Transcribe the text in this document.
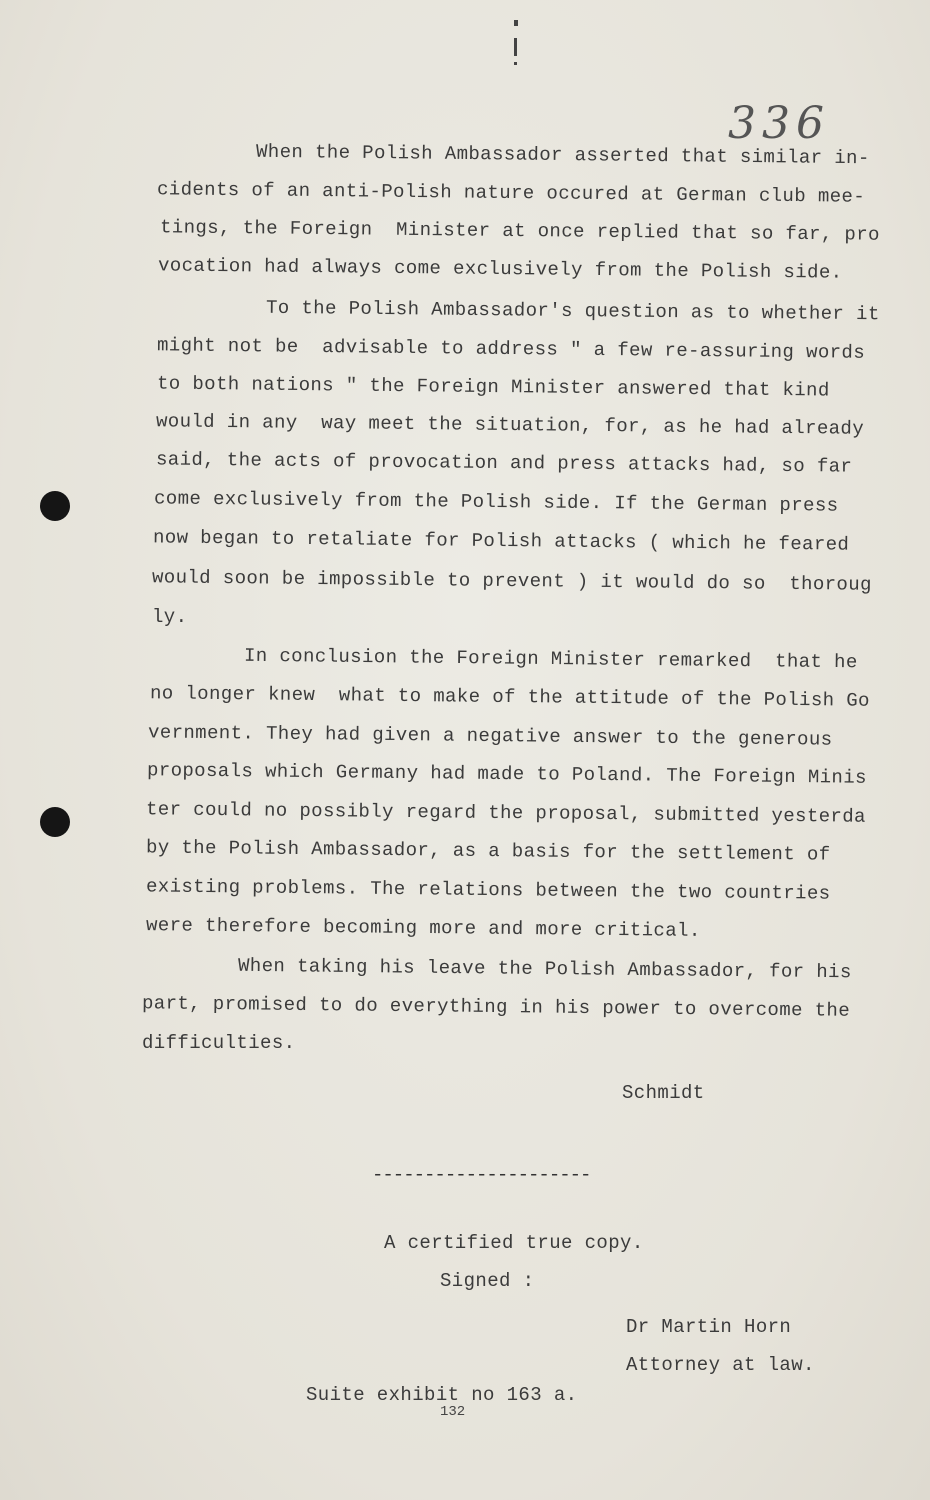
336
When the Polish Ambassador asserted that similar in-
cidents of an anti-Polish nature occured at German club mee-
tings, the Foreign  Minister at once replied that so far, pro
vocation had always come exclusively from the Polish side.
To the Polish Ambassador's question as to whether it
might not be  advisable to address " a few re-assuring words
to both nations " the Foreign Minister answered that kind
would in any  way meet the situation, for, as he had already
said, the acts of provocation and press attacks had, so far
come exclusively from the Polish side. If the German press
now began to retaliate for Polish attacks ( which he feared
would soon be impossible to prevent ) it would do so  thoroug
ly.
In conclusion the Foreign Minister remarked  that he
no longer knew  what to make of the attitude of the Polish Go
vernment. They had given a negative answer to the generous
proposals which Germany had made to Poland. The Foreign Minis
ter could no possibly regard the proposal, submitted yesterda
by the Polish Ambassador, as a basis for the settlement of
existing problems. The relations between the two countries
were therefore becoming more and more critical.
When taking his leave the Polish Ambassador, for his
part, promised to do everything in his power to overcome the
difficulties.
Schmidt
---------------------
A certified true copy.
Signed :
Dr Martin Horn
Attorney at law.
Suite exhibit no 163 a.
132
